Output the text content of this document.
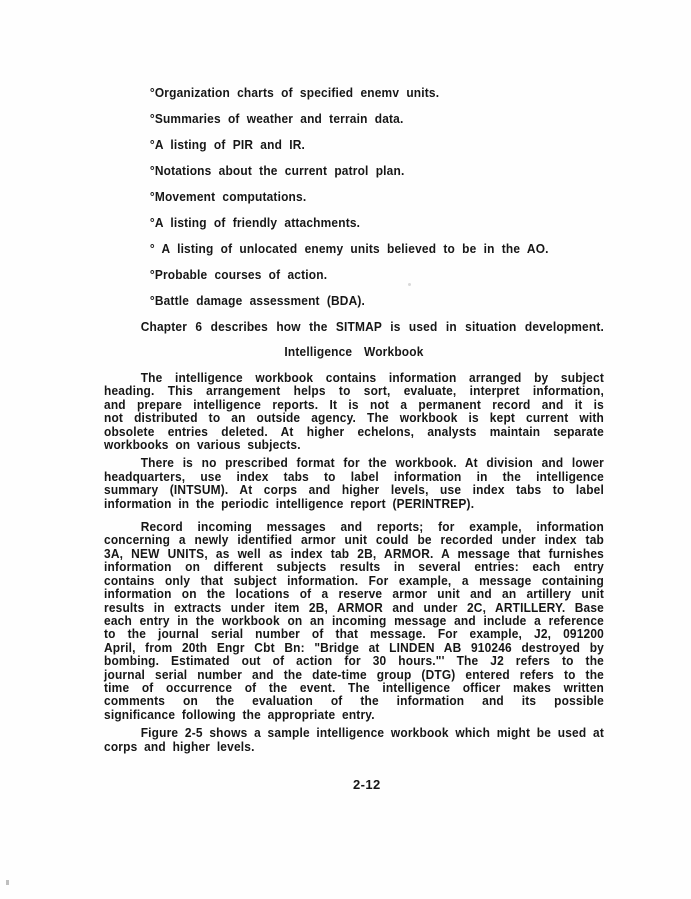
°Organization charts of specified enemv units.
°Summaries of weather and terrain data.
°A listing of PIR and IR.
°Notations about the current patrol plan.
°Movement computations.
°A listing of friendly attachments.
° A listing of unlocated enemy units believed to be in the AO.
°Probable courses of action.
°Battle damage assessment (BDA).
Chapter 6 describes how the SITMAP is used in situation development.
Intelligence Workbook
The intelligence workbook contains information arranged by subject
heading. This arrangement helps to sort, evaluate, interpret information,
and prepare intelligence reports. It is not a permanent record and it is
not distributed to an outside agency. The workbook is kept current with
obsolete entries deleted. At higher echelons, analysts maintain separate
workbooks on various subjects.
There is no prescribed format for the workbook. At division and lower
headquarters, use index tabs to label information in the intelligence
summary (INTSUM). At corps and higher levels, use index tabs to label
information in the periodic intelligence report (PERINTREP).
Record incoming messages and reports; for example, information
concerning a newly identified armor unit could be recorded under index tab
3A, NEW UNITS, as well as index tab 2B, ARMOR. A message that furnishes
information on different subjects results in several entries: each entry
contains only that subject information. For example, a message containing
information on the locations of a reserve armor unit and an artillery unit
results in extracts under item 2B, ARMOR and under 2C, ARTILLERY. Base
each entry in the workbook on an incoming message and include a reference
to the journal serial number of that message. For example, J2, 091200
April, from 20th Engr Cbt Bn: "Bridge at LINDEN AB 910246 destroyed by
bombing. Estimated out of action for 30 hours."' The J2 refers to the
journal serial number and the date-time group (DTG) entered refers to the
time of occurrence of the event. The intelligence officer makes written
comments on the evaluation of the information and its possible
significance following the appropriate entry.
Figure 2-5 shows a sample intelligence workbook which might be used at
corps and higher levels.
2-12
